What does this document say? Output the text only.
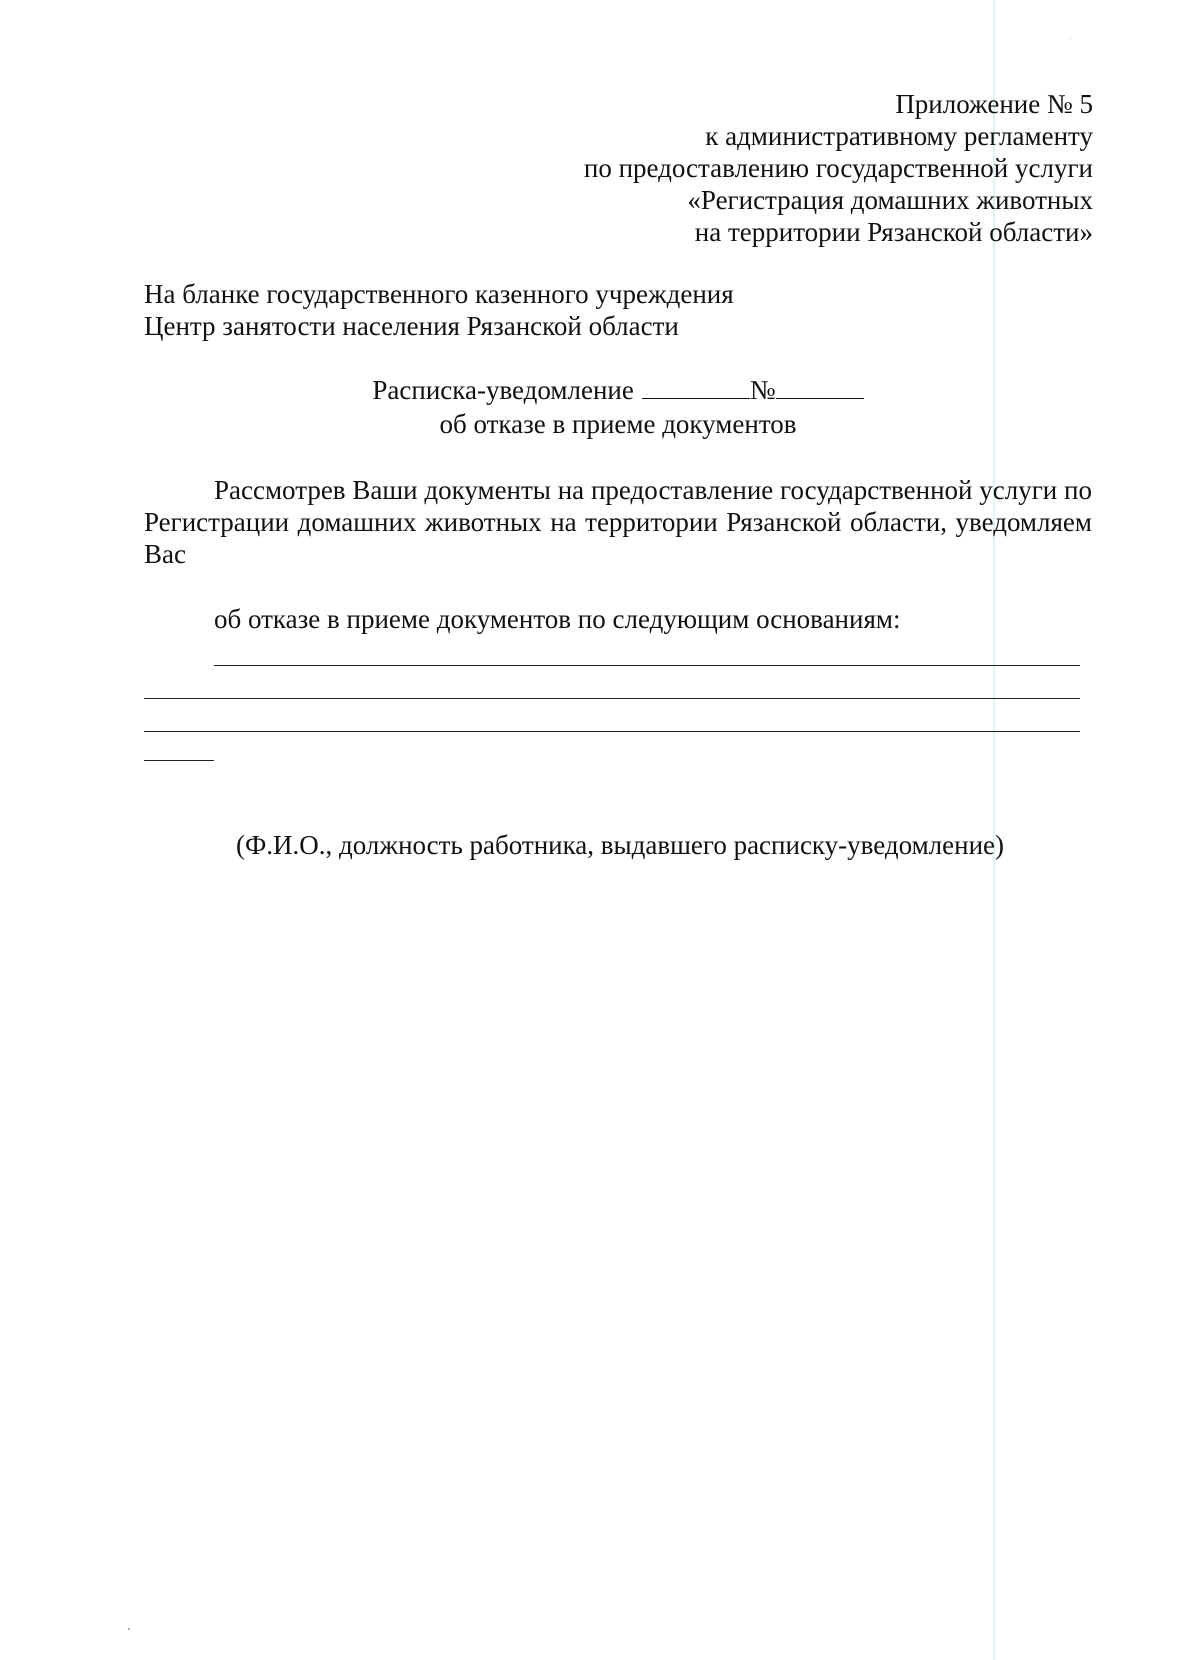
Приложение № 5
к административному регламенту
по предоставлению государственной услуги
«Регистрация домашних животных
на территории Рязанской области»
На бланке государственного казенного учреждения
Центр занятости населения Рязанской области
Расписка-уведомление	№
об отказе в приеме документов
Рассмотрев Ваши документы на предоставление государственной услуги по Регистрации домашних животных на территории Рязанской области, уведомляем Вас
об отказе в приеме документов по следующим основаниям:
(Ф.И.О., должность работника, выдавшего расписку-уведомление)
